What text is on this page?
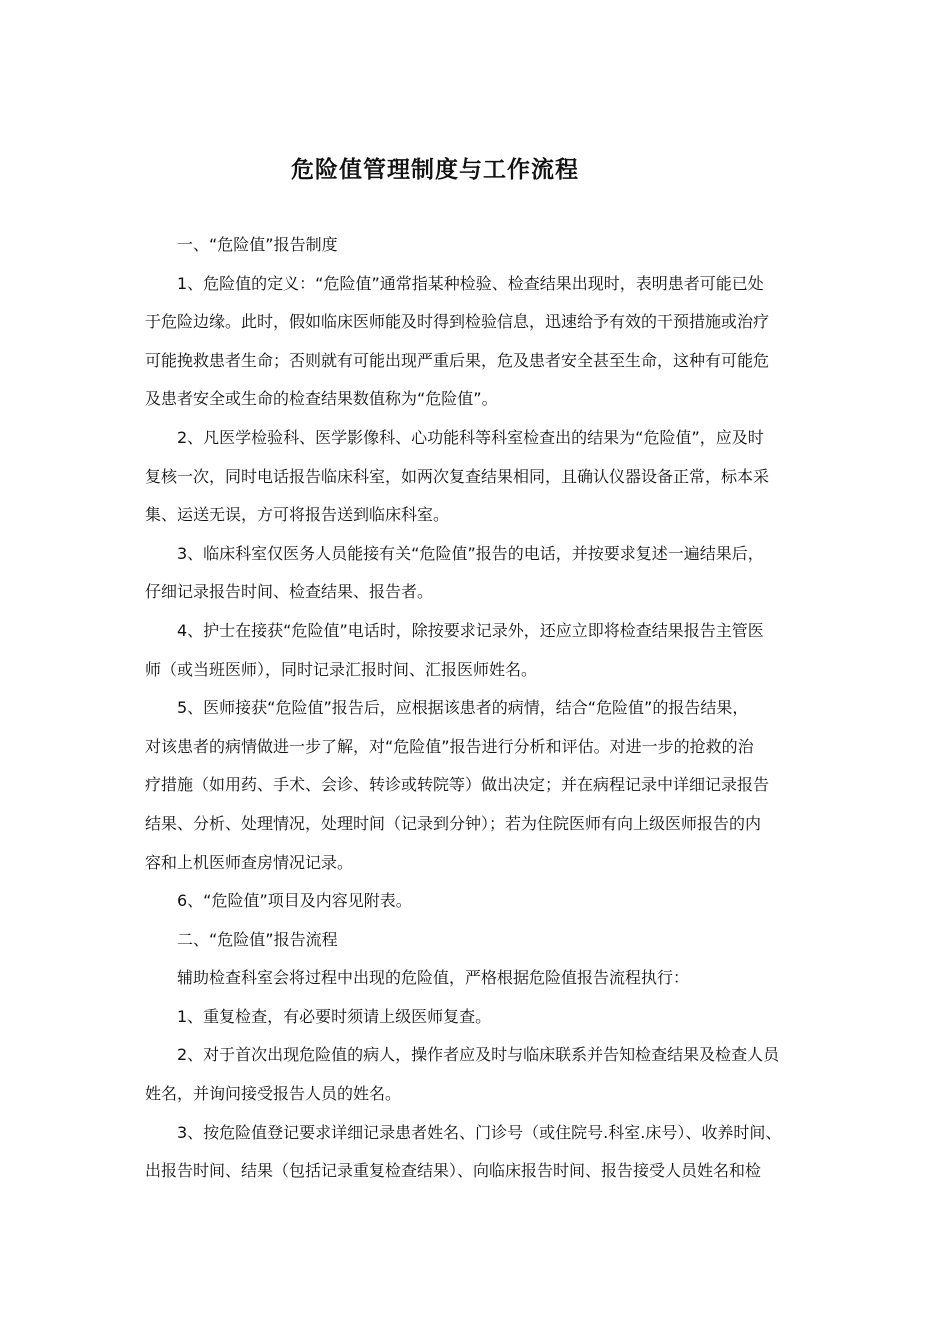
危险值管理制度与工作流程
一、“危险值”报告制度
1、危险值的定义：“危险值”通常指某种检验、检查结果出现时，表明患者可能已处
于危险边缘。此时，假如临床医师能及时得到检验信息，迅速给予有效的干预措施或治疗
可能挽救患者生命；否则就有可能出现严重后果，危及患者安全甚至生命，这种有可能危
及患者安全或生命的检查结果数值称为“危险值”。
2、凡医学检验科、医学影像科、心功能科等科室检查出的结果为“危险值”，应及时
复核一次，同时电话报告临床科室，如两次复查结果相同，且确认仪器设备正常，标本采
集、运送无误，方可将报告送到临床科室。
3、临床科室仅医务人员能接有关“危险值”报告的电话，并按要求复述一遍结果后，
仔细记录报告时间、检查结果、报告者。
4、护士在接获“危险值”电话时，除按要求记录外，还应立即将检查结果报告主管医
师（或当班医师），同时记录汇报时间、汇报医师姓名。
5、医师接获“危险值”报告后，应根据该患者的病情，结合“危险值”的报告结果，
对该患者的病情做进一步了解，对“危险值”报告进行分析和评估。对进一步的抢救的治
疗措施（如用药、手术、会诊、转诊或转院等）做出决定；并在病程记录中详细记录报告
结果、分析、处理情况，处理时间（记录到分钟）；若为住院医师有向上级医师报告的内
容和上机医师查房情况记录。
6、“危险值”项目及内容见附表。
二、“危险值”报告流程
辅助检查科室会将过程中出现的危险值，严格根据危险值报告流程执行：
1、重复检查，有必要时须请上级医师复查。
2、对于首次出现危险值的病人，操作者应及时与临床联系并告知检查结果及检查人员
姓名，并询问接受报告人员的姓名。
3、按危险值登记要求详细记录患者姓名、门诊号（或住院号.科室.床号）、收养时间、
出报告时间、结果（包括记录重复检查结果）、向临床报告时间、报告接受人员姓名和检
